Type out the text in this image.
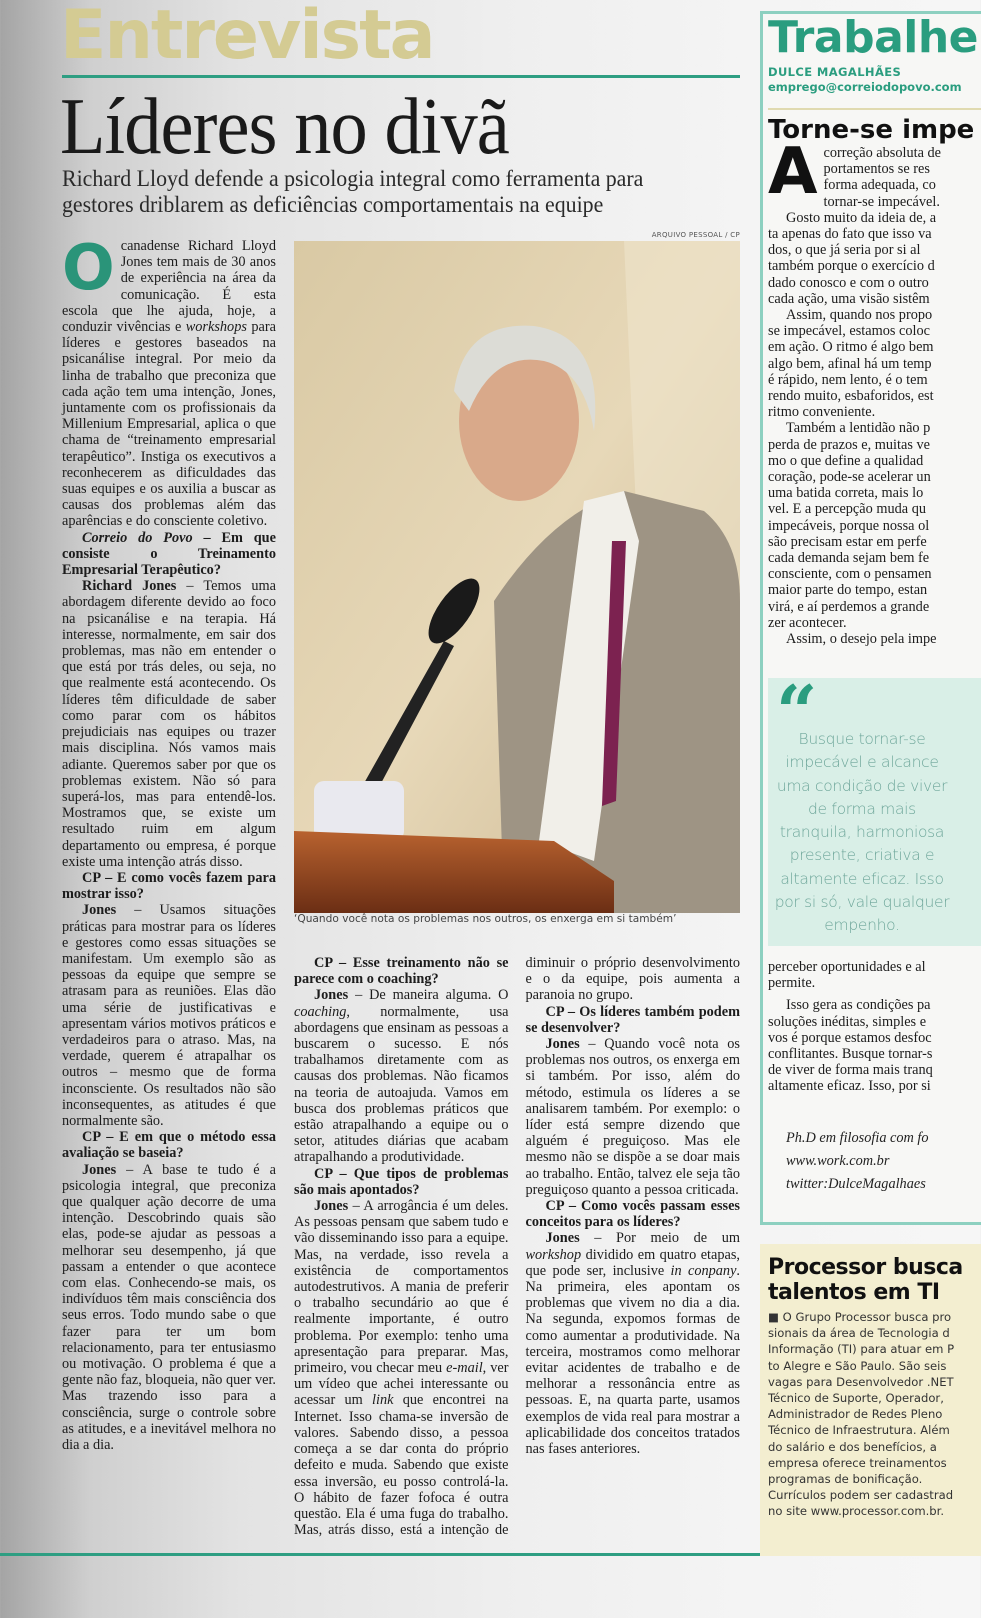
Entrevista
Líderes no divã
Richard Lloyd defende a psicologia integral como ferramenta para
gestores driblarem as deficiências comportamentais na equipe
ARQUIVO PESSOAL / CP
‘Quando você nota os problemas nos outros, os enxerga em si também’

Ocanadense Richard Lloyd Jones tem mais de 30 anos de experiência na área da comunicação. É esta escola que lhe ajuda, hoje, a conduzir vivências e workshops para líderes e gestores baseados na psicanálise integral. Por meio da linha de trabalho que preconiza que cada ação tem uma intenção, Jones, juntamente com os profissionais da Millenium Empresarial, aplica o que chama de “treinamento empresarial terapêutico”. Instiga os executivos a reconhecerem as dificuldades das suas equipes e os auxilia a buscar as causas dos problemas além das aparências e do consciente coletivo.

Correio do Povo – Em que consiste o Treinamento Empresarial Terapêutico?

Richard Jones – Temos uma abordagem diferente devido ao foco na psicanálise e na terapia. Há interesse, normalmente, em sair dos problemas, mas não em entender o que está por trás deles, ou seja, no que realmente está acontecendo. Os líderes têm dificuldade de saber como parar com os hábitos prejudiciais nas equipes ou trazer mais disciplina. Nós vamos mais adiante. Queremos saber por que os problemas existem. Não só para superá-los, mas para entendê-los. Mostramos que, se existe um resultado ruim em algum departamento ou empresa, é porque existe uma intenção atrás disso.

CP – E como vocês fazem para mostrar isso?

Jones – Usamos situações práticas para mostrar para os líderes e gestores como essas situações se manifestam. Um exemplo são as pessoas da equipe que sempre se atrasam para as reuniões. Elas dão uma série de justificativas e apresentam vários motivos práticos e verdadeiros para o atraso. Mas, na verdade, querem é atrapalhar os outros – mesmo que de forma inconsciente. Os resultados não são inconsequentes, as atitudes é que normalmente são.

CP – E em que o método essa avaliação se baseia?

Jones – A base te tudo é a psicologia integral, que preconiza que qualquer ação decorre de uma intenção. Descobrindo quais são elas, pode-se ajudar as pessoas a melhorar seu desempenho, já que passam a entender o que acontece com elas. Conhecendo-se mais, os indivíduos têm mais consciência dos seus erros. Todo mundo sabe o que fazer para ter um bom relacionamento, para ter entusiasmo ou motivação. O problema é que a gente não faz, bloqueia, não quer ver. Mas trazendo isso para a consciência, surge o controle sobre as atitudes, e a inevitável melhora no dia a dia.

CP – Esse treinamento não se parece com o coaching?

Jones – De maneira alguma. O coaching, normalmente, usa abordagens que ensinam as pessoas a buscarem o sucesso. E nós trabalhamos diretamente com as causas dos problemas. Não ficamos na teoria de autoajuda. Vamos em busca dos problemas práticos que estão atrapalhando a equipe ou o setor, atitudes diárias que acabam atrapalhando a produtividade.

CP – Que tipos de problemas são mais apontados?

Jones – A arrogância é um deles. As pessoas pensam que sabem tudo e vão disseminando isso para a equipe. Mas, na verdade, isso revela a existência de comportamentos autodestrutivos. A mania de preferir o trabalho secundário ao que é realmente importante, é outro problema. Por exemplo: tenho uma apresentação para preparar. Mas, primeiro, vou checar meu e-mail, ver um vídeo que achei interessante ou acessar um link que encontrei na Internet. Isso chama-se inversão de valores. Sabendo disso, a pessoa começa a se dar conta do próprio defeito e muda. Sabendo que existe essa inversão, eu posso controlá-la. O hábito de fazer fofoca é outra questão. Ela é uma fuga do trabalho. Mas, atrás disso, está a intenção de diminuir o próprio desenvolvimento e o da equipe, pois aumenta a paranoia no grupo.

CP – Os líderes também podem se desenvolver?

Jones – Quando você nota os problemas nos outros, os enxerga em si também. Por isso, além do método, estimula os líderes a se analisarem também. Por exemplo: o líder está sempre dizendo que alguém é preguiçoso. Mas ele mesmo não se dispõe a se doar mais ao trabalho. Então, talvez ele seja tão preguiçoso quanto a pessoa criticada.

CP – Como vocês passam esses conceitos para os líderes?

Jones – Por meio de um workshop dividido em quatro etapas, que pode ser, inclusive in conpany. Na primeira, eles apontam os problemas que vivem no dia a dia. Na segunda, expomos formas de como aumentar a produtividade. Na terceira, mostramos como melhorar evitar acidentes de trabalho e de melhorar a ressonância entre as pessoas. E, na quarta parte, usamos exemplos de vida real para mostrar a aplicabilidade dos conceitos tratados nas fases anteriores.

Trabalhe
DULCE MAGALHÃES
emprego@correiodopovo.com
Torne-se impe
A correção absoluta de
portamentos se res
forma adequada, co
tornar-se impecável.
Gosto muito da ideia de, a
ta apenas do fato que isso va
dos, o que já seria por si al
também porque o exercício d
dado conosco e com o outro
cada ação, uma visão sistêm
Assim, quando nos propo
se impecável, estamos coloc
em ação. O ritmo é algo bem
algo bem, afinal há um temp
é rápido, nem lento, é o tem
rendo muito, esbaforidos, est
ritmo conveniente.
Também a lentidão não p
perda de prazos e, muitas ve
mo o que define a qualidad
coração, pode-se acelerar un
uma batida correta, mais lo
vel. E a percepção muda qu
impecáveis, porque nossa ol
são precisam estar em perfe
cada demanda sejam bem fe
consciente, com o pensamen
maior parte do tempo, estan
virá, e aí perdemos a grande
zer acontecer.
Assim, o desejo pela impe
“
Busque tornar-se
impecável e alcance
uma condição de viver
de forma mais
tranquila, harmoniosa
presente, criativa e
altamente eficaz. Isso
por si só, vale qualquer
empenho.
perceber oportunidades e al
permite.
Isso gera as condições pa
soluções inéditas, simples e
vos é porque estamos desfoc
conflitantes. Busque tornar-s
de viver de forma mais tranq
altamente eficaz. Isso, por si
Ph.D em filosofia com fo
www.work.com.br
twitter:DulceMagalhaes
Processor busca
talentos em TI
■ O Grupo Processor busca pro
sionais da área de Tecnologia d
Informação (TI) para atuar em P
to Alegre e São Paulo. São seis
vagas para Desenvolvedor .NET
Técnico de Suporte, Operador,
Administrador de Redes Pleno
Técnico de Infraestrutura. Além
do salário e dos benefícios, a
empresa oferece treinamentos
programas de bonificação.
Currículos podem ser cadastrad
no site www.processor.com.br.
